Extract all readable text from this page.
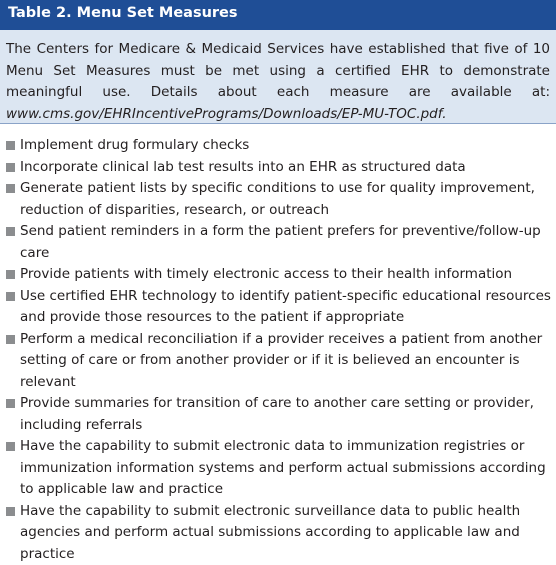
Table 2. Menu Set Measures
The Centers for Medicare & Medicaid Services have established that five of 10 Menu Set Measures must be met using a certified EHR to demonstrate meaningful use. Details about each measure are available at: www.cms.gov/EHRIncentivePrograms/Downloads/EP-MU-TOC.pdf.
Implement drug formulary checks
Incorporate clinical lab test results into an EHR as structured data
Generate patient lists by specific conditions to use for quality improvement, reduction of disparities, research, or outreach
Send patient reminders in a form the patient prefers for preventive/follow-up care
Provide patients with timely electronic access to their health information
Use certified EHR technology to identify patient-specific educational resources and provide those resources to the patient if appropriate
Perform a medical reconciliation if a provider receives a patient from another setting of care or from another provider or if it is believed an encounter is relevant
Provide summaries for transition of care to another care setting or provider, including referrals
Have the capability to submit electronic data to immunization registries or immunization information systems and perform actual submissions according to applicable law and practice
Have the capability to submit electronic surveillance data to public health agencies and perform actual submissions according to applicable law and practice
